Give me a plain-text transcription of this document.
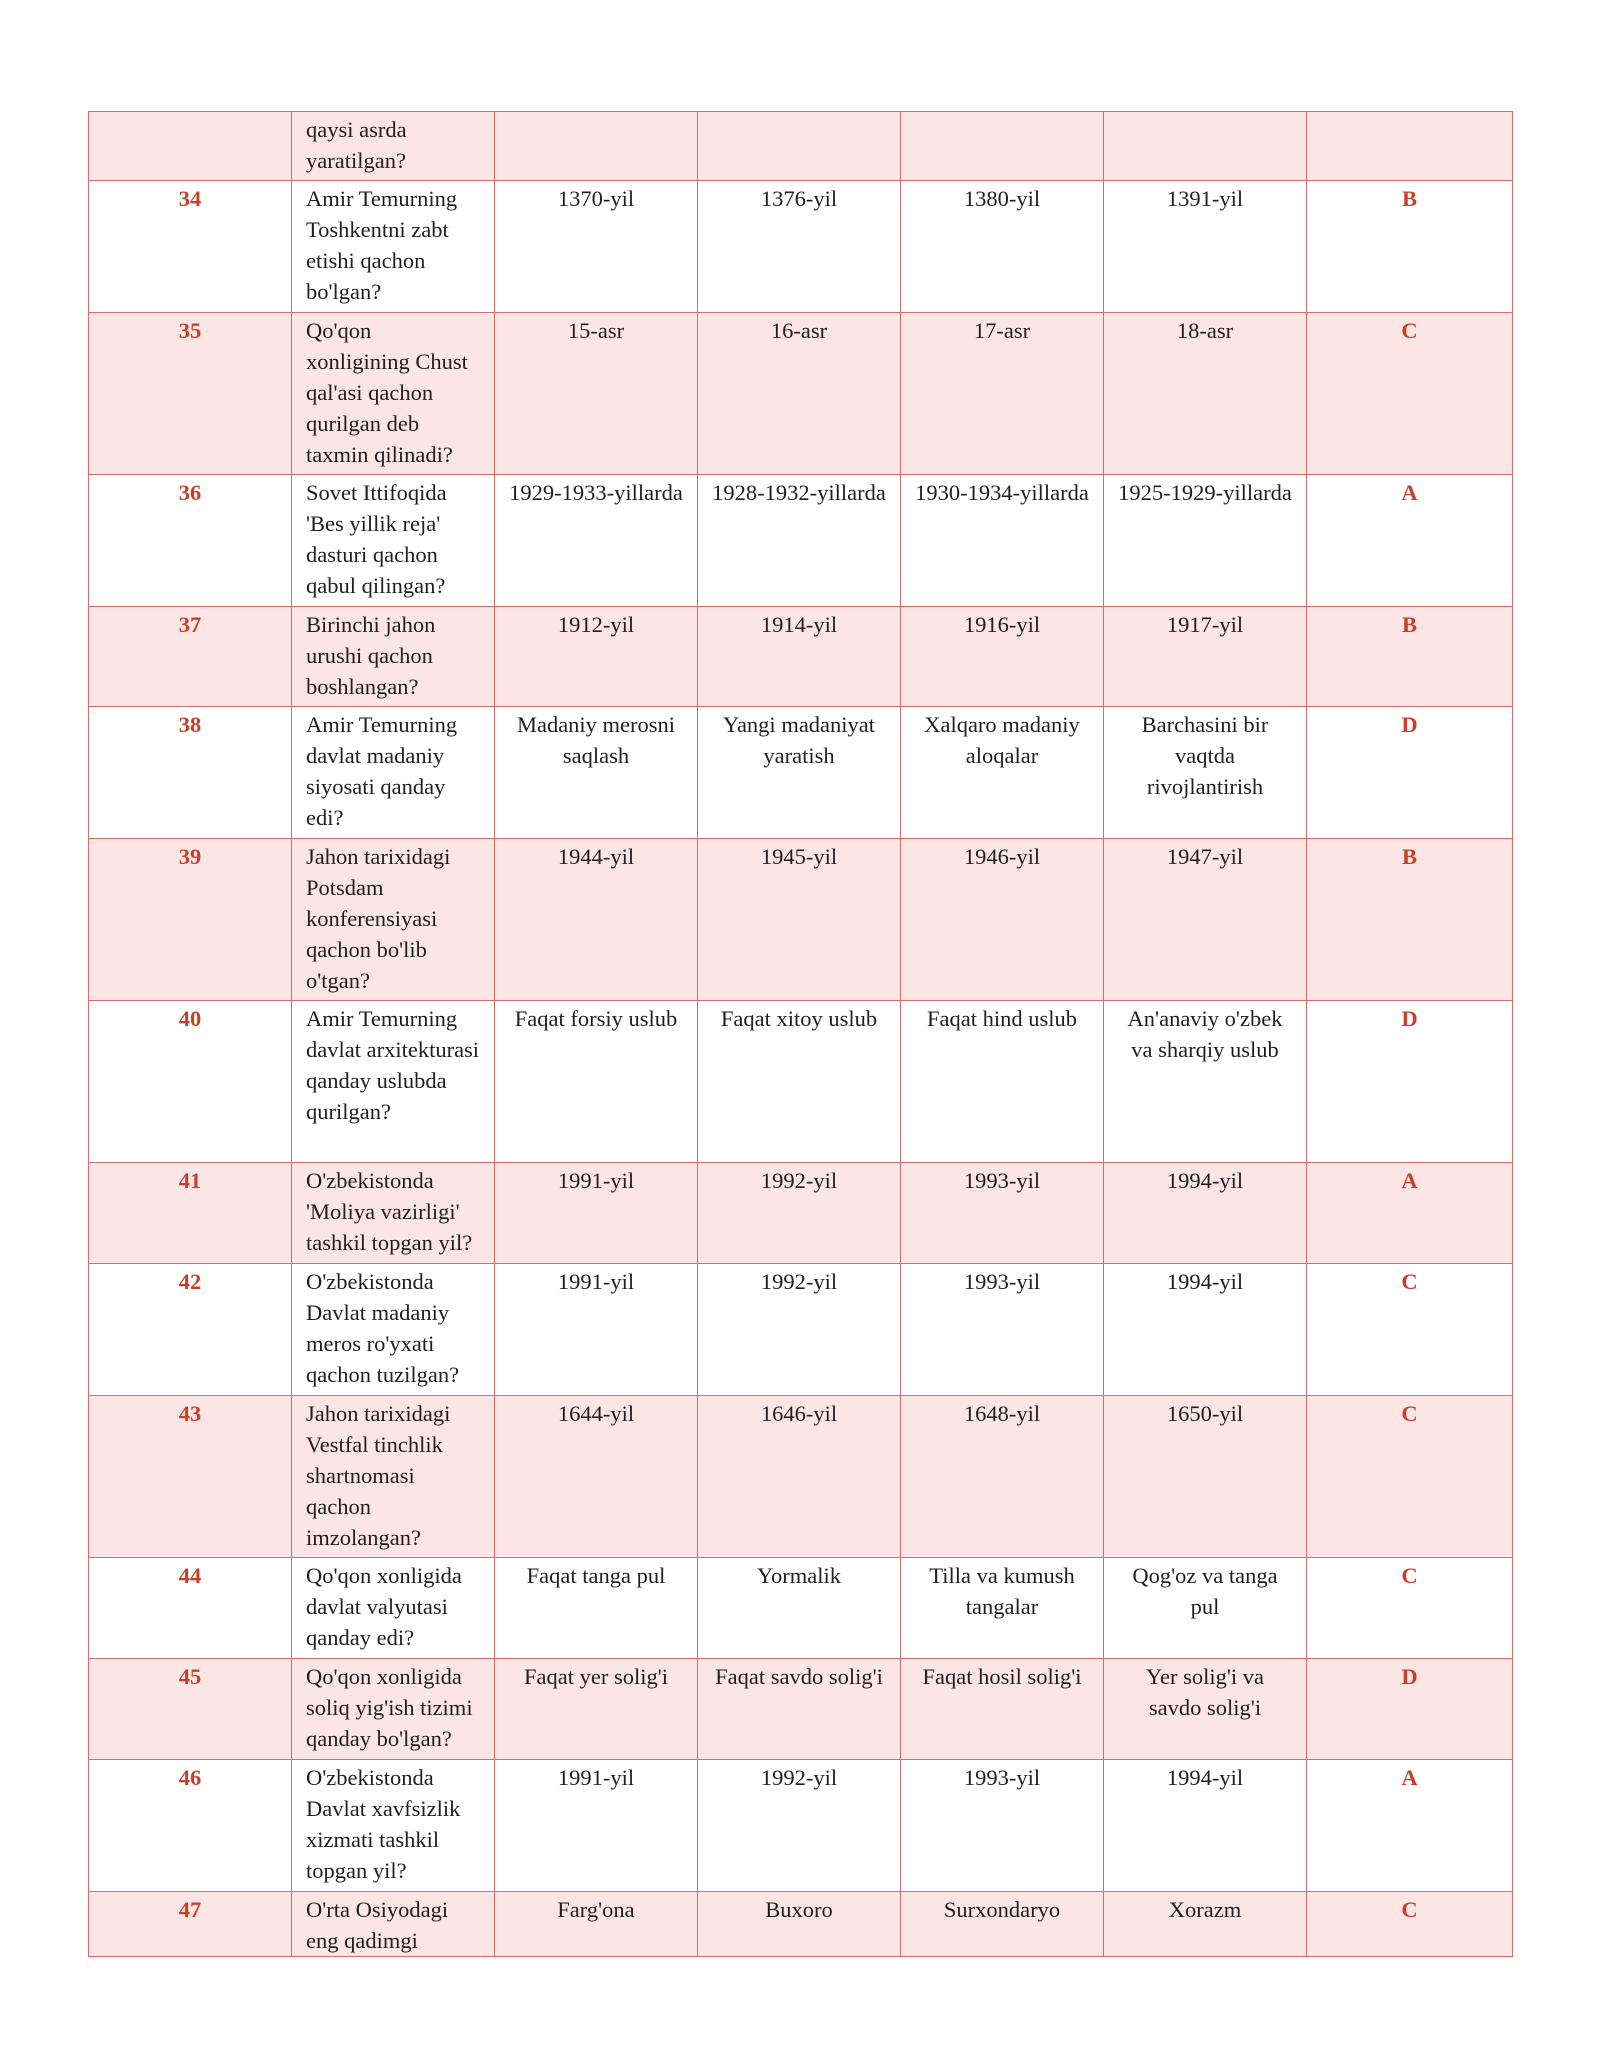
	qaysi asrda yaratilgan?					
34	Amir Temurning Toshkentni zabt etishi qachon bo'lgan?	1370-yil	1376-yil	1380-yil	1391-yil	B
35	Qo'qon xonligining Chust qal'asi qachon qurilgan deb taxmin qilinadi?	15-asr	16-asr	17-asr	18-asr	C
36	Sovet Ittifoqida 'Bes yillik reja' dasturi qachon qabul qilingan?	1929-1933-yillarda	1928-1932-yillarda	1930-1934-yillarda	1925-1929-yillarda	A
37	Birinchi jahon urushi qachon boshlangan?	1912-yil	1914-yil	1916-yil	1917-yil	B
38	Amir Temurning davlat madaniy siyosati qanday edi?	Madaniy merosni saqlash	Yangi madaniyat yaratish	Xalqaro madaniy aloqalar	Barchasini bir vaqtda rivojlantirish	D
39	Jahon tarixidagi Potsdam konferensiyasi qachon bo'lib o'tgan?	1944-yil	1945-yil	1946-yil	1947-yil	B
40	Amir Temurning davlat arxitekturasi qanday uslubda qurilgan?	Faqat forsiy uslub	Faqat xitoy uslub	Faqat hind uslub	An'anaviy o'zbek va sharqiy uslub	D
41	O'zbekistonda 'Moliya vazirligi' tashkil topgan yil?	1991-yil	1992-yil	1993-yil	1994-yil	A
42	O'zbekistonda Davlat madaniy meros ro'yxati qachon tuzilgan?	1991-yil	1992-yil	1993-yil	1994-yil	C
43	Jahon tarixidagi Vestfal tinchlik shartnomasi qachon imzolangan?	1644-yil	1646-yil	1648-yil	1650-yil	C
44	Qo'qon xonligida davlat valyutasi qanday edi?	Faqat tanga pul	Yormalik	Tilla va kumush tangalar	Qog'oz va tanga pul	C
45	Qo'qon xonligida soliq yig'ish tizimi qanday bo'lgan?	Faqat yer solig'i	Faqat savdo solig'i	Faqat hosil solig'i	Yer solig'i va savdo solig'i	D
46	O'zbekistonda Davlat xavfsizlik xizmati tashkil topgan yil?	1991-yil	1992-yil	1993-yil	1994-yil	A
47	O'rta Osiyodagi eng qadimgi	Farg'ona	Buxoro	Surxondaryo	Xorazm	C
